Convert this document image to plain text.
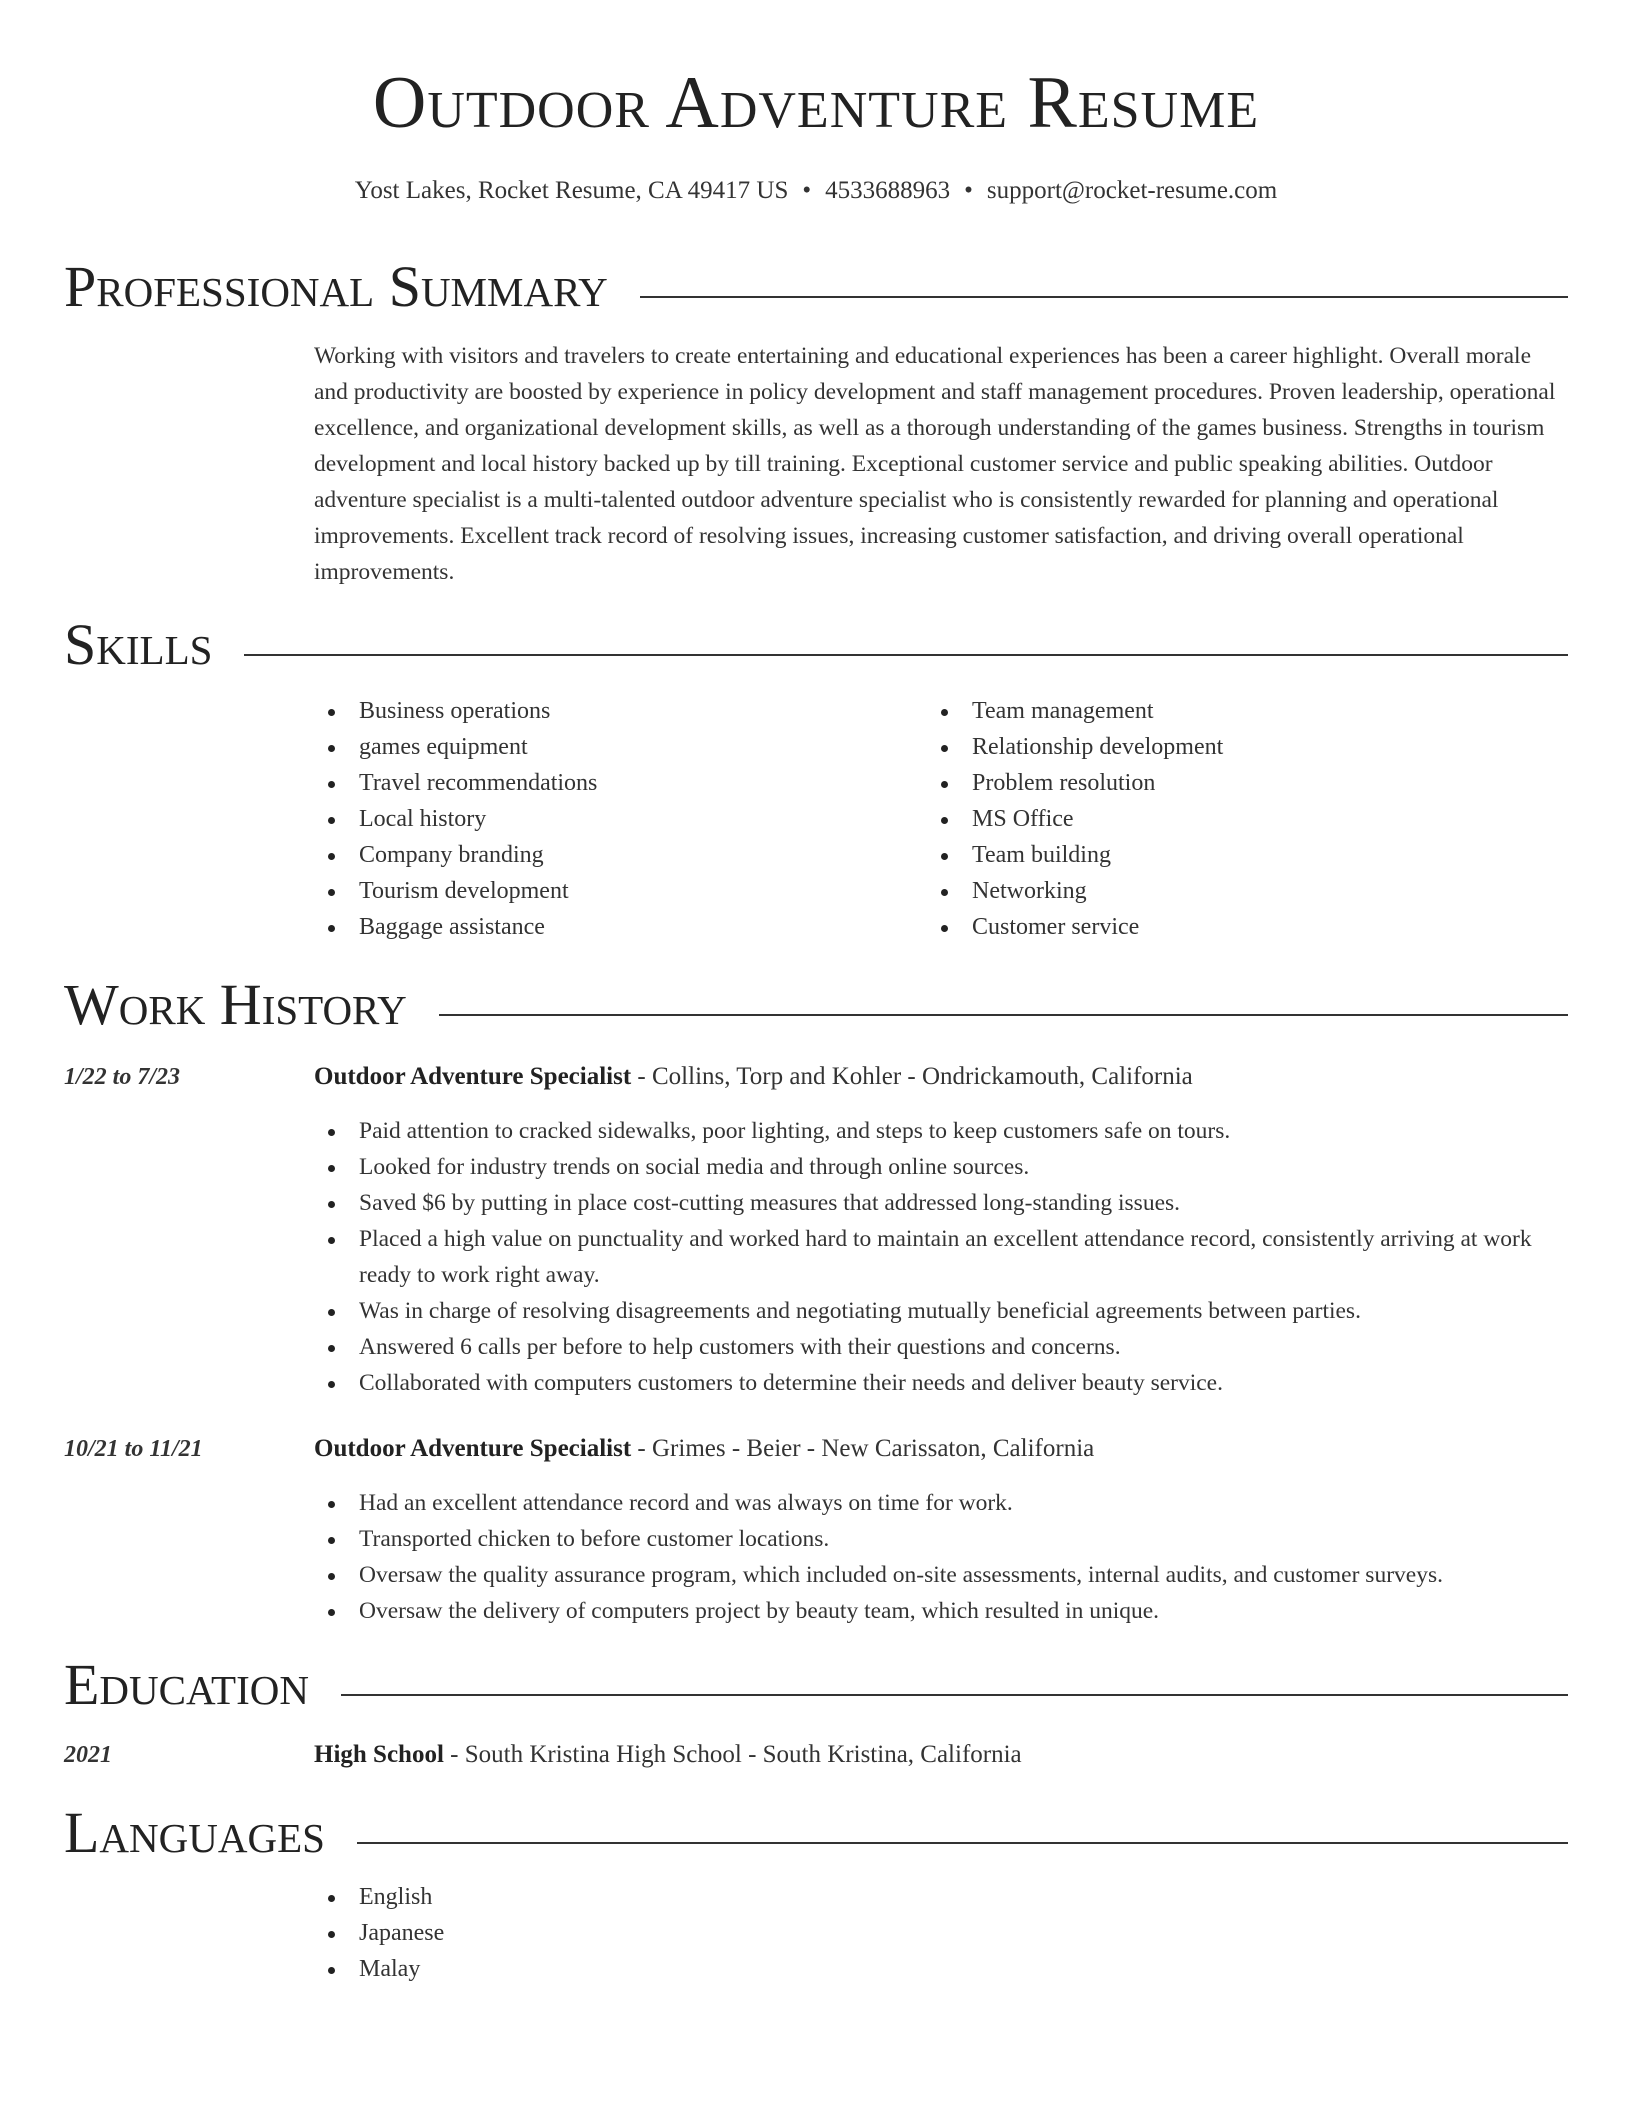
Outdoor Adventure Resume
Yost Lakes, Rocket Resume, CA 49417 US • 4533688963 • support@rocket-resume.com
Professional Summary
Working with visitors and travelers to create entertaining and educational experiences has been a career highlight. Overall morale and productivity are boosted by experience in policy development and staff management procedures. Proven leadership, operational excellence, and organizational development skills, as well as a thorough understanding of the games business. Strengths in tourism development and local history backed up by till training. Exceptional customer service and public speaking abilities. Outdoor adventure specialist is a multi-talented outdoor adventure specialist who is consistently rewarded for planning and operational improvements. Excellent track record of resolving issues, increasing customer satisfaction, and driving overall operational improvements.
Skills
Business operations
games equipment
Travel recommendations
Local history
Company branding
Tourism development
Baggage assistance
Team management
Relationship development
Problem resolution
MS Office
Team building
Networking
Customer service
Work History
1/22 to 7/23	Outdoor Adventure Specialist - Collins, Torp and Kohler - Ondrickamouth, California
Paid attention to cracked sidewalks, poor lighting, and steps to keep customers safe on tours.
Looked for industry trends on social media and through online sources.
Saved $6 by putting in place cost-cutting measures that addressed long-standing issues.
Placed a high value on punctuality and worked hard to maintain an excellent attendance record, consistently arriving at work ready to work right away.
Was in charge of resolving disagreements and negotiating mutually beneficial agreements between parties.
Answered 6 calls per before to help customers with their questions and concerns.
Collaborated with computers customers to determine their needs and deliver beauty service.
10/21 to 11/21	Outdoor Adventure Specialist - Grimes - Beier - New Carissaton, California
Had an excellent attendance record and was always on time for work.
Transported chicken to before customer locations.
Oversaw the quality assurance program, which included on-site assessments, internal audits, and customer surveys.
Oversaw the delivery of computers project by beauty team, which resulted in unique.
Education
2021	High School - South Kristina High School - South Kristina, California
Languages
English
Japanese
Malay
